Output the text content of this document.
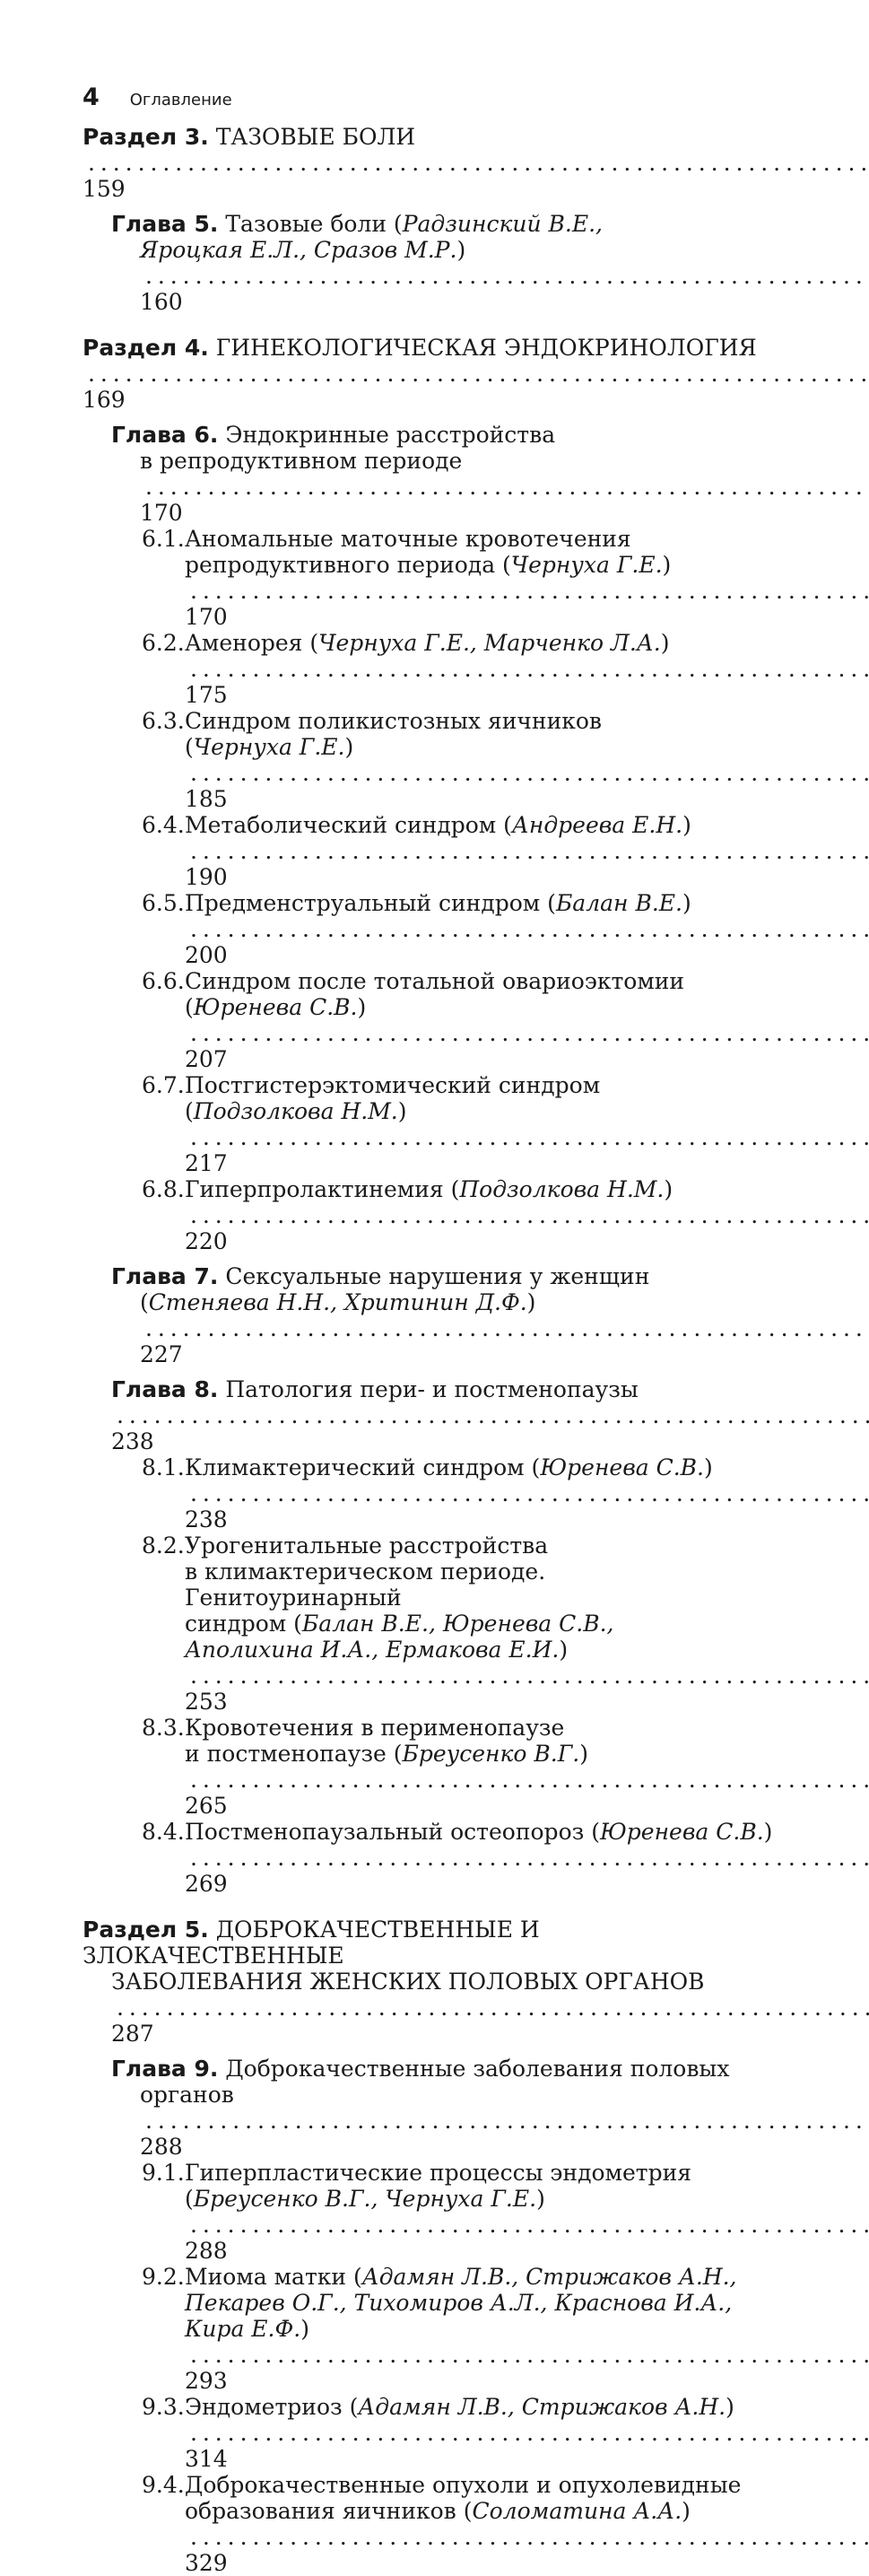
4 Оглавление
Раздел 3. ТАЗОВЫЕ БОЛИ . . . 159
Глава 5. Тазовые боли (Радзинский В.Е.,
Яроцкая Е.Л., Сразов М.Р.) . . . 160
Раздел 4. ГИНЕКОЛОГИЧЕСКАЯ ЭНДОКРИНОЛОГИЯ . . . 169
Глава 6. Эндокринные расстройства
в репродуктивном периоде . . . 170
6.1. Аномальные маточные кровотечения
репродуктивного периода (Чернуха Г.Е.) . . . 170
6.2. Аменорея (Чернуха Г.Е., Марченко Л.А.) . . . 175
6.3. Синдром поликистозных яичников
(Чернуха Г.Е.) . . . 185
6.4. Метаболический синдром (Андреева Е.Н.) . . . 190
6.5. Предменструальный синдром (Балан В.Е.) . . . 200
6.6. Синдром после тотальной овариоэктомии
(Юренева С.В.) . . . 207
6.7. Постгистерэктомический синдром
(Подзолкова Н.М.) . . . 217
6.8. Гиперпролактинемия (Подзолкова Н.М.) . . . 220
Глава 7. Сексуальные нарушения у женщин
(Стеняева Н.Н., Хритинин Д.Ф.) . . . 227
Глава 8. Патология пери- и постменопаузы . . . 238
8.1. Климактерический синдром (Юренева С.В.) . . . 238
8.2. Урогенитальные расстройства
в климактерическом периоде. Генитоуринарный
синдром (Балан В.Е., Юренева С.В.,
Аполихина И.А., Ермакова Е.И.) . . . 253
8.3. Кровотечения в перименопаузе
и постменопаузе (Бреусенко В.Г.) . . . 265
8.4. Постменопаузальный остеопороз (Юренева С.В.) . . . 269
Раздел 5. ДОБРОКАЧЕСТВЕННЫЕ И ЗЛОКАЧЕСТВЕННЫЕ
ЗАБОЛЕВАНИЯ ЖЕНСКИХ ПОЛОВЫХ ОРГАНОВ . . . 287
Глава 9. Доброкачественные заболевания половых
органов . . . 288
9.1. Гиперпластические процессы эндометрия
(Бреусенко В.Г., Чернуха Г.Е.) . . . 288
9.2. Миома матки (Адамян Л.В., Стрижаков А.Н.,
Пекарев О.Г., Тихомиров А.Л., Краснова И.А.,
Кира Е.Ф.) . . . 293
9.3. Эндометриоз (Адамян Л.В., Стрижаков А.Н.) . . . 314
9.4. Доброкачественные опухоли и опухолевидные
образования яичников (Соломатина А.А.) . . . 329
